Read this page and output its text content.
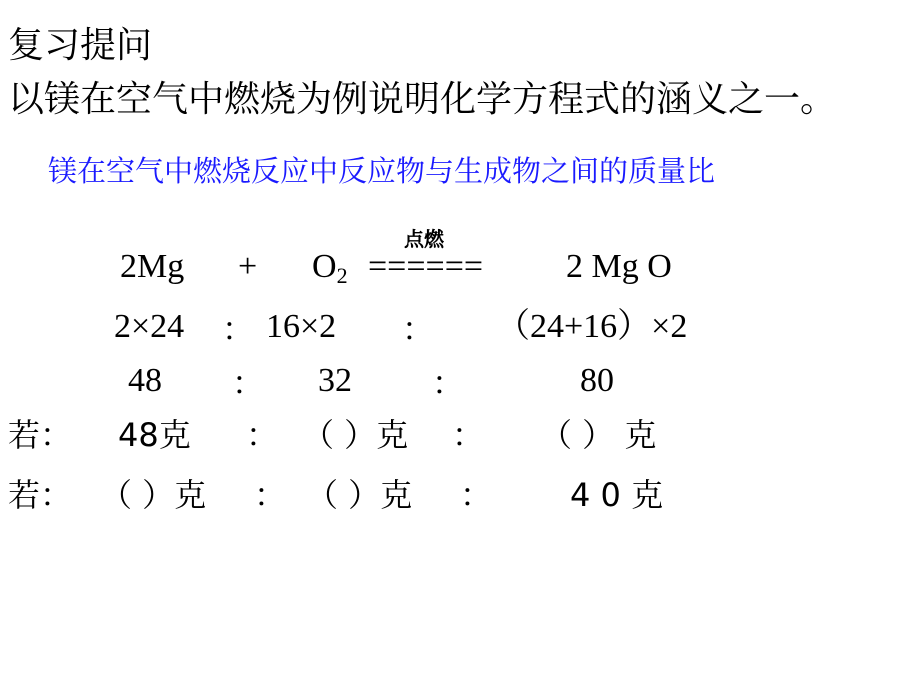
复习提问
以镁在空气中燃烧为例说明化学方程式的涵义之一。
镁在空气中燃烧反应中反应物与生成物之间的质量比
点燃
$2Mg + O_2$ ====== 2 Mg O
2×24 ： 16×2 ： （24+16）×2
48 ： 32	：	80
若： 48克 ： （ ）克 ： （ ） 克
若： （ ）克 ： （ ）克 ： 4 0 克
